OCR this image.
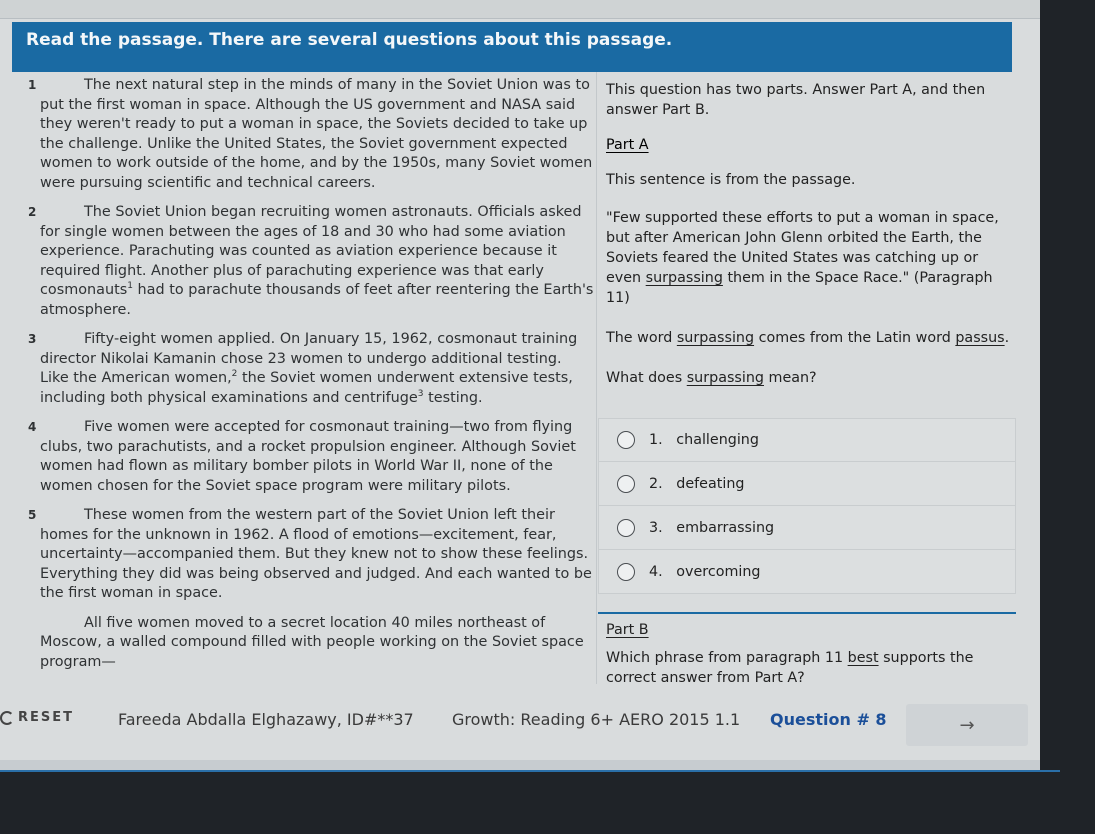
Read the passage. There are several questions about this passage.
1	The next natural step in the minds of many in the Soviet Union was to put the first woman in space. Although the US government and NASA said they weren't ready to put a woman in space, the Soviets decided to take up the challenge. Unlike the United States, the Soviet government expected women to work outside of the home, and by the 1950s, many Soviet women were pursuing scientific and technical careers.

2	The Soviet Union began recruiting women astronauts. Officials asked for single women between the ages of 18 and 30 who had some aviation experience. Parachuting was counted as aviation experience because it required flight. Another plus of parachuting experience was that early cosmonauts$^1$ had to parachute thousands of feet after reentering the Earth's atmosphere.

3	Fifty-eight women applied. On January 15, 1962, cosmonaut training director Nikolai Kamanin chose 23 women to undergo additional testing. Like the American women,$^2$ the Soviet women underwent extensive tests, including both physical examinations and centrifuge$^3$ testing.

4	Five women were accepted for cosmonaut training—two from flying clubs, two parachutists, and a rocket propulsion engineer. Although Soviet women had flown as military bomber pilots in World War II, none of the women chosen for the Soviet space program were military pilots.

5	These women from the western part of the Soviet Union left their homes for the unknown in 1962. A flood of emotions—excitement, fear, uncertainty—accompanied them. But they knew not to show these feelings. Everything they did was being observed and judged. And each wanted to be the first woman in space.

All five women moved to a secret location 40 miles northeast of Moscow, a walled compound filled with people working on the Soviet space program—

This question has two parts. Answer Part A, and then answer Part B.

This sentence is from the passage.

"Few supported these efforts to put a woman in space, but after American John Glenn orbited the Earth, the Soviets feared the United States was catching up or even surpassing them in the Space Race." (Paragraph 11)

The word surpassing comes from the Latin word passus.

What does surpassing mean?

Part A
1.   challenging
2.   defeating
3.   embarrassing
4.   overcoming
Part B

Which phrase from paragraph 11 best supports the correct answer from Part A?

RESET	Fareeda Abdalla Elghazawy, ID#**37 Growth: Reading 6+ AERO 2015 1.1 Question # 8	→
